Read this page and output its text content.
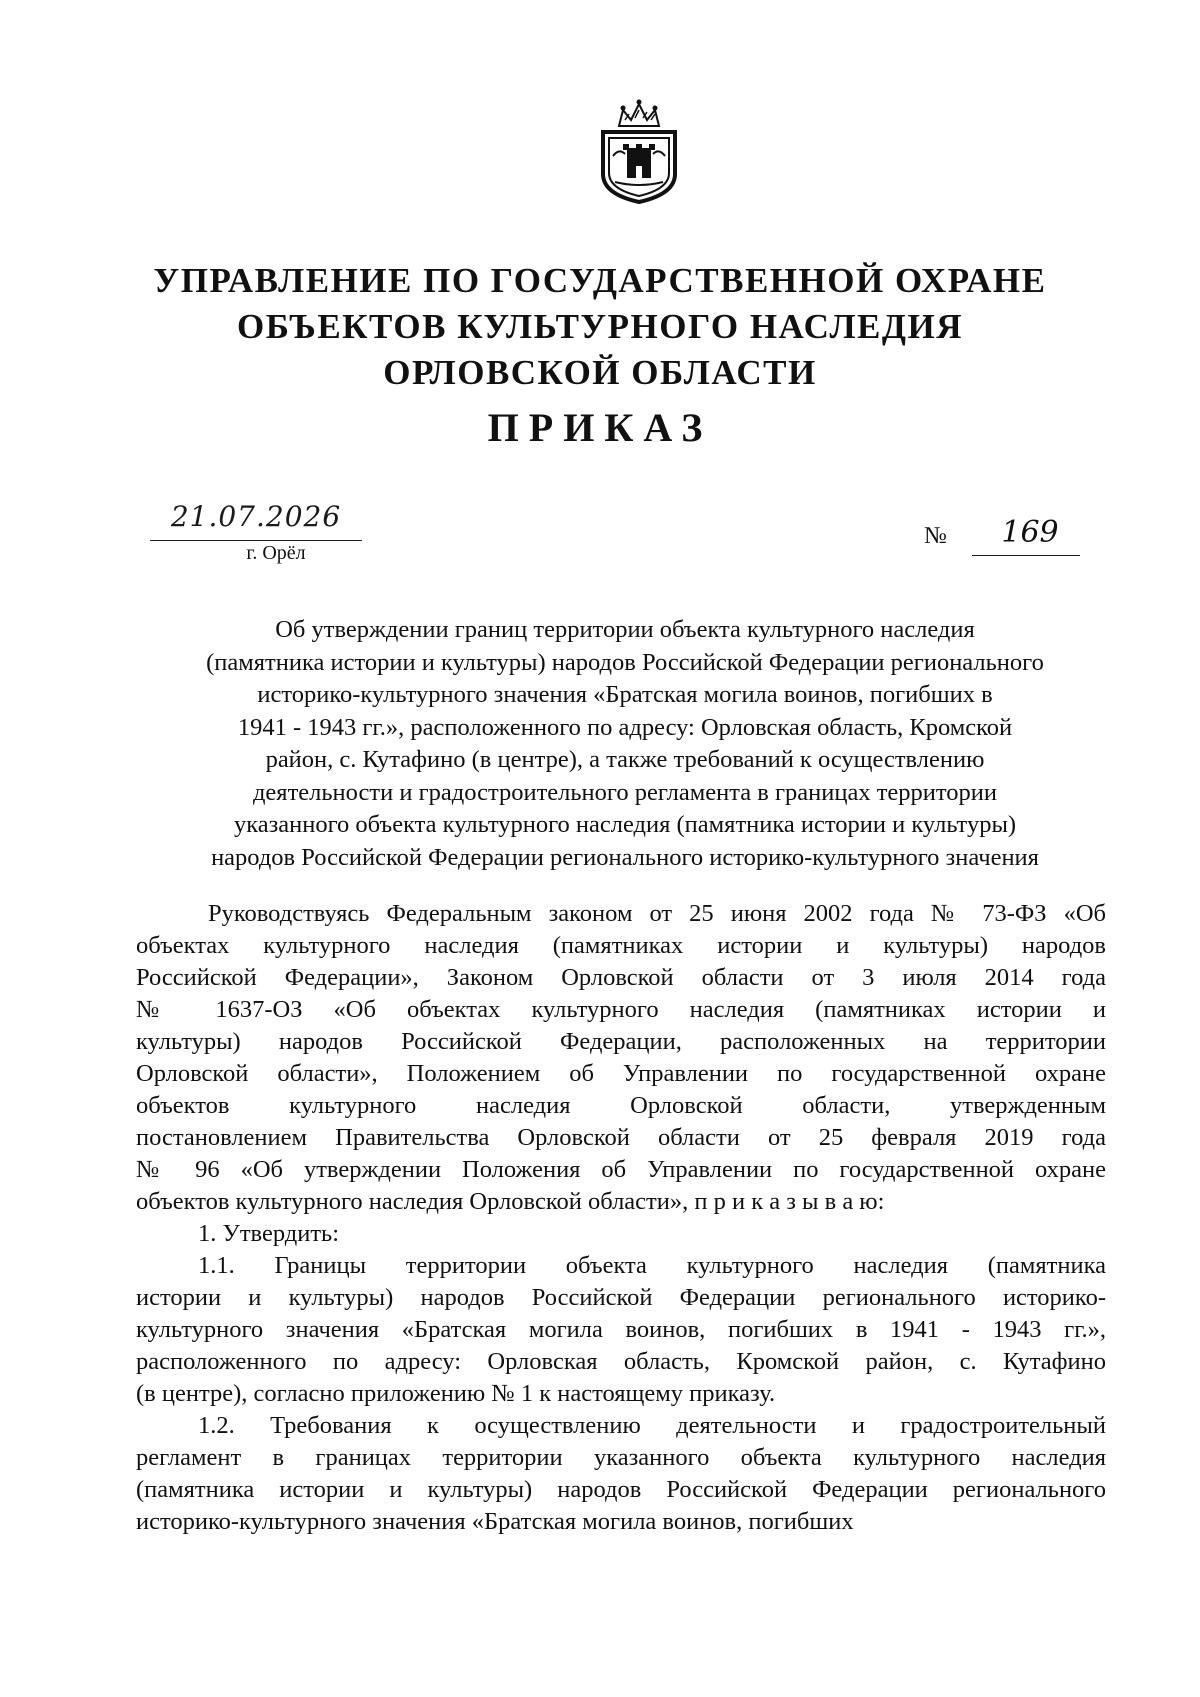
УПРАВЛЕНИЕ ПО ГОСУДАРСТВЕННОЙ ОХРАНЕ
ОБЪЕКТОВ КУЛЬТУРНОГО НАСЛЕДИЯ
ОРЛОВСКОЙ ОБЛАСТИ
ПРИКАЗ
21.07.2026
г. Орёл
№	169
Об утверждении границ территории объекта культурного наследия
(памятника истории и культуры) народов Российской Федерации регионального
историко-культурного значения «Братская могила воинов, погибших в
1941 - 1943 гг.», расположенного по адресу: Орловская область, Кромской
район, с. Кутафино (в центре), а также требований к осуществлению
деятельности и градостроительного регламента в границах территории
указанного объекта культурного наследия (памятника истории и культуры)
народов Российской Федерации регионального историко-культурного значения
Руководствуясь Федеральным законом от 25 июня 2002 года № 73-ФЗ «Об
объектах культурного наследия (памятниках истории и культуры) народов
Российской Федерации», Законом Орловской области от 3 июля 2014 года
№ 1637-ОЗ «Об объектах культурного наследия (памятниках истории и
культуры) народов Российской Федерации, расположенных на территории
Орловской области», Положением об Управлении по государственной охране
объектов культурного наследия Орловской области, утвержденным
постановлением Правительства Орловской области от 25 февраля 2019 года
№ 96 «Об утверждении Положения об Управлении по государственной охране
объектов культурного наследия Орловской области», п р и к а з ы в а ю:
1. Утвердить:
1.1. Границы территории объекта культурного наследия (памятника
истории и культуры) народов Российской Федерации регионального историко-
культурного значения «Братская могила воинов, погибших в 1941 - 1943 гг.»,
расположенного по адресу: Орловская область, Кромской район, с. Кутафино
(в центре), согласно приложению № 1 к настоящему приказу.
1.2. Требования к осуществлению деятельности и градостроительный
регламент в границах территории указанного объекта культурного наследия
(памятника истории и культуры) народов Российской Федерации регионального
историко-культурного значения «Братская могила воинов, погибших
